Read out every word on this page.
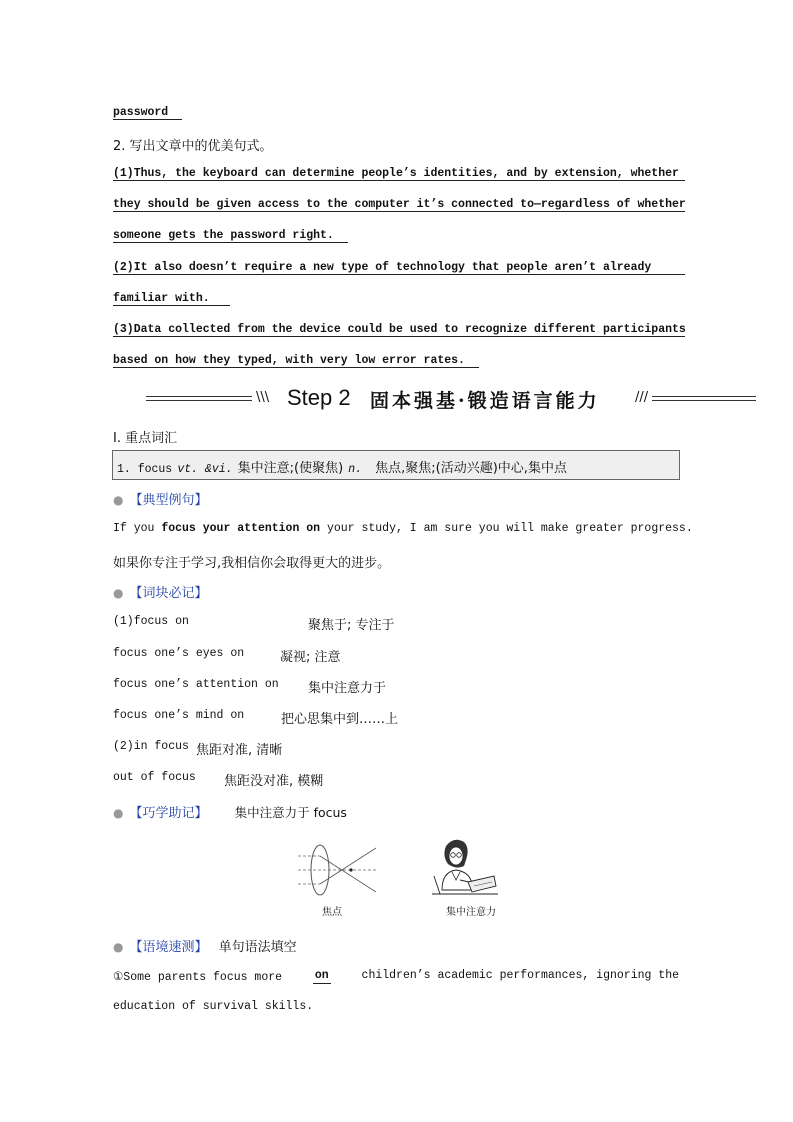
password
2. 写出文章中的优美句式。
(1)Thus, the keyboard can determine people’s identities, and by extension, whether
they should be given access to the computer it’s connected to—regardless of whether
someone gets the password right.
(2)It also doesn’t require a new type of technology that people aren’t already
familiar with.
(3)Data collected from the device could be used to recognize different participants
based on how they typed, with very low error rates.
\\\ Step 2 固本强基·锻造语言能力	///
Ⅰ. 重点词汇
1. focus vt. &vi. 集中注意;(使聚焦) n. 焦点,聚焦;(活动兴趣)中心,集中点
● 【典型例句】
If you focus your attention on your study, I am sure you will make greater progress.
如果你专注于学习,我相信你会取得更大的进步。
● 【词块必记】
(1)focus on	聚焦于; 专注于
focus one’s eyes on	凝视; 注意
focus one’s attention on 集中注意力于
focus one’s mind on	把心思集中到……上
(2)in focus 焦距对准, 清晰
out of focus 焦距没对准, 模糊
● 【巧学助记】 集中注意力于 focus
焦点	集中注意力
● 【语境速测】 单句语法填空
①Some parents focus more	on	children’s academic performances, ignoring the
education of survival skills.
